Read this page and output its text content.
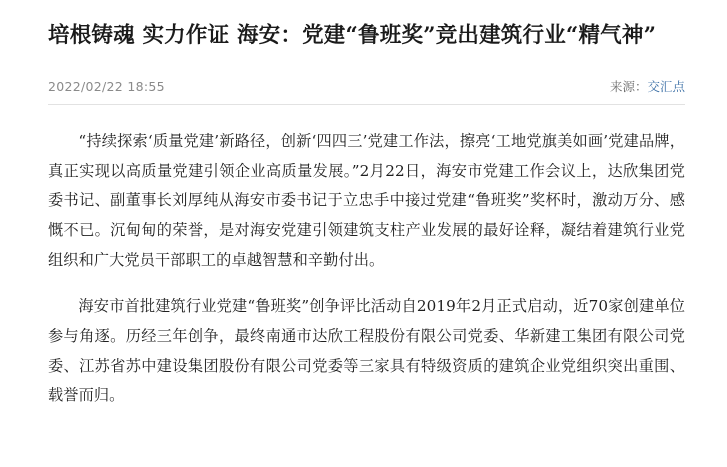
培根铸魂 实力作证 海安：党建“鲁班奖”竞出建筑行业“精气神”
2022/02/22 18:55	来源：交汇点

“持续探索‘质量党建’新路径，创新‘四四三’党建工作法，擦亮‘工地党旗美如画’党建品牌，真正实现以高质量党建引领企业高质量发展。”2月22日，海安市党建工作会议上，达欣集团党委书记、副董事长刘厚纯从海安市委书记于立忠手中接过党建“鲁班奖”奖杯时，激动万分、感慨不已。沉甸甸的荣誉，是对海安党建引领建筑支柱产业发展的最好诠释，凝结着建筑行业党组织和广大党员干部职工的卓越智慧和辛勤付出。

海安市首批建筑行业党建“鲁班奖”创争评比活动自2019年2月正式启动，近70家创建单位参与角逐。历经三年创争，最终南通市达欣工程股份有限公司党委、华新建工集团有限公司党委、江苏省苏中建设集团股份有限公司党委等三家具有特级资质的建筑企业党组织突出重围、载誉而归。
